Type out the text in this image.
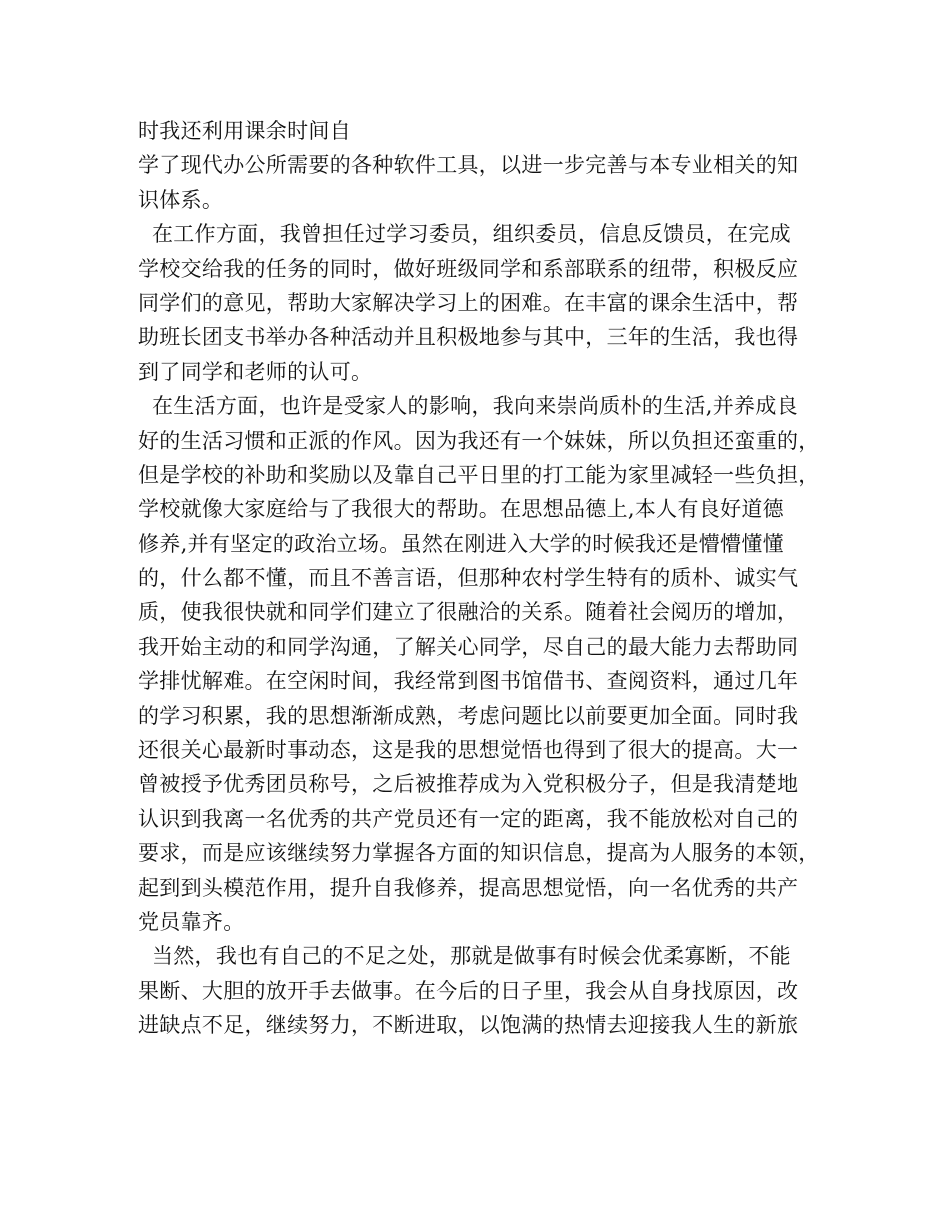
时我还利用课余时间自
学了现代办公所需要的各种软件工具，以进一步完善与本专业相关的知
识体系。
在工作方面，我曾担任过学习委员，组织委员，信息反馈员，在完成
学校交给我的任务的同时，做好班级同学和系部联系的纽带，积极反应
同学们的意见，帮助大家解决学习上的困难。在丰富的课余生活中，帮
助班长团支书举办各种活动并且积极地参与其中，三年的生活，我也得
到了同学和老师的认可。
在生活方面，也许是受家人的影响，我向来崇尚质朴的生活,并养成良
好的生活习惯和正派的作风。因为我还有一个妹妹，所以负担还蛮重的，
但是学校的补助和奖励以及靠自己平日里的打工能为家里减轻一些负担，
学校就像大家庭给与了我很大的帮助。在思想品德上,本人有良好道德
修养,并有坚定的政治立场。虽然在刚进入大学的时候我还是懵懵懂懂
的，什么都不懂，而且不善言语，但那种农村学生特有的质朴、诚实气
质，使我很快就和同学们建立了很融洽的关系。随着社会阅历的增加，
我开始主动的和同学沟通，了解关心同学，尽自己的最大能力去帮助同
学排忧解难。在空闲时间，我经常到图书馆借书、查阅资料，通过几年
的学习积累，我的思想渐渐成熟，考虑问题比以前要更加全面。同时我
还很关心最新时事动态，这是我的思想觉悟也得到了很大的提高。大一
曾被授予优秀团员称号，之后被推荐成为入党积极分子，但是我清楚地
认识到我离一名优秀的共产党员还有一定的距离，我不能放松对自己的
要求，而是应该继续努力掌握各方面的知识信息，提高为人服务的本领，
起到到头模范作用，提升自我修养，提高思想觉悟，向一名优秀的共产
党员靠齐。
当然，我也有自己的不足之处，那就是做事有时候会优柔寡断，不能
果断、大胆的放开手去做事。在今后的日子里，我会从自身找原因，改
进缺点不足，继续努力，不断进取，以饱满的热情去迎接我人生的新旅
